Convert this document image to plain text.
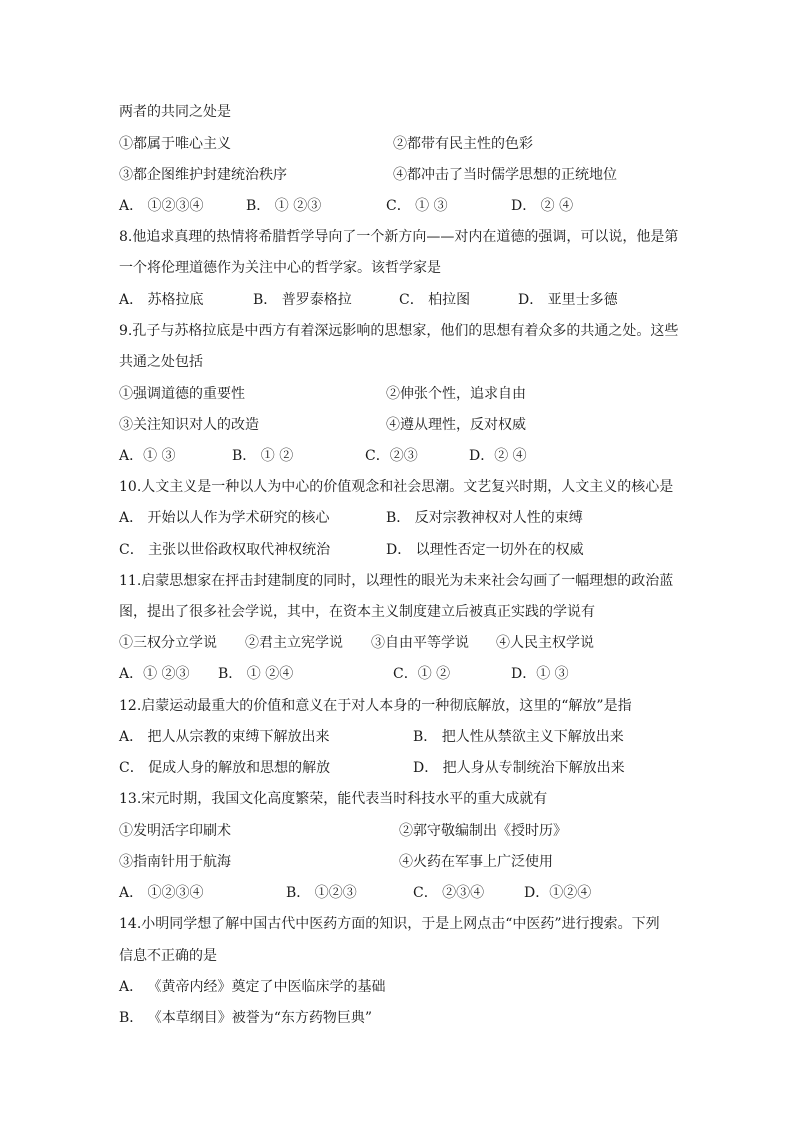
两者的共同之处是
①都属于唯心主义	②都带有民主性的色彩
③都企图维护封建统治秩序	④都冲击了当时儒学思想的正统地位
A． ①②③④	B． ① ②③	C． ① ③	D． ② ④
8.他追求真理的热情将希腊哲学导向了一个新方向——对内在道德的强调，可以说，他是第
一个将伦理道德作为关注中心的哲学家。该哲学家是
A． 苏格拉底	B． 普罗泰格拉	C． 柏拉图	D． 亚里士多德
9.孔子与苏格拉底是中西方有着深远影响的思想家，他们的思想有着众多的共通之处。这些
共通之处包括
①强调道德的重要性	②伸张个性，追求自由
③关注知识对人的改造	④遵从理性，反对权威
A．① ③	B． ① ②	C．②③	D．② ④
10.人文主义是一种以人为中心的价值观念和社会思潮。文艺复兴时期，人文主义的核心是
A． 开始以人作为学术研究的核心	B． 反对宗教神权对人性的束缚
C． 主张以世俗政权取代神权统治	D． 以理性否定一切外在的权威
11.启蒙思想家在抨击封建制度的同时，以理性的眼光为未来社会勾画了一幅理想的政治蓝
图，提出了很多社会学说，其中，在资本主义制度建立后被真正实践的学说有
①三权分立学说 ②君主立宪学说 ③自由平等学说 ④人民主权学说
A．① ②③ B． ① ②④	C．① ②	D．① ③
12.启蒙运动最重大的价值和意义在于对人本身的一种彻底解放，这里的“解放”是指
A． 把人从宗教的束缚下解放出来	B． 把人性从禁欲主义下解放出来
C． 促成人身的解放和思想的解放	D． 把人身从专制统治下解放出来
13.宋元时期，我国文化高度繁荣，能代表当时科技水平的重大成就有
①发明活字印刷术	②郭守敬编制出《授时历》
③指南针用于航海	④火药在军事上广泛使用
A． ①②③④	B． ①②③	C． ②③④	D．①②④
14.小明同学想了解中国古代中医药方面的知识，于是上网点击“中医药”进行搜索。下列
信息不正确的是
A． 《黄帝内经》奠定了中医临床学的基础
B． 《本草纲目》被誉为“东方药物巨典”
